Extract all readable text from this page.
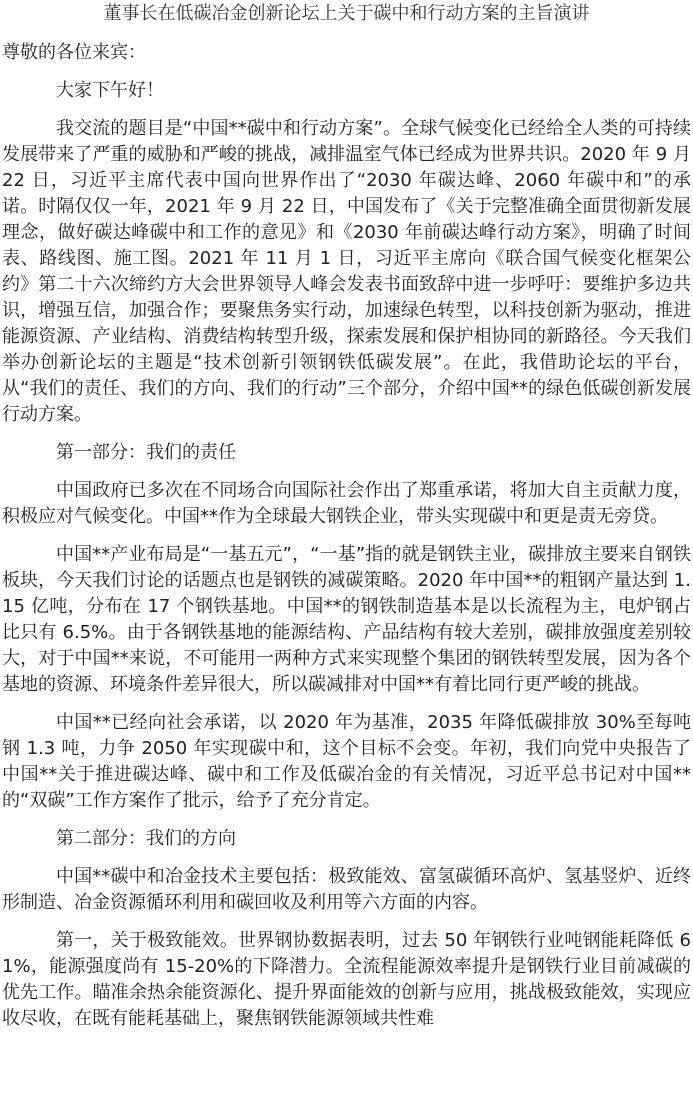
董事长在低碳冶金创新论坛上关于碳中和行动方案的主旨演讲

尊敬的各位来宾：

大家下午好！

我交流的题目是“中国**碳中和行动方案”。全球气候变化已经给全人类的可持续发展带来了严重的威胁和严峻的挑战，减排温室气体已经成为世界共识。2020 年 9 月 22 日，习近平主席代表中国向世界作出了“2030 年碳达峰、2060 年碳中和”的承诺。时隔仅仅一年，2021 年 9 月 22 日，中国发布了《关于完整准确全面贯彻新发展理念，做好碳达峰碳中和工作的意见》和《2030 年前碳达峰行动方案》，明确了时间表、路线图、施工图。2021 年 11 月 1 日，习近平主席向《联合国气候变化框架公约》第二十六次缔约方大会世界领导人峰会发表书面致辞中进一步呼吁：要维护多边共识，增强互信，加强合作；要聚焦务实行动，加速绿色转型，以科技创新为驱动，推进能源资源、产业结构、消费结构转型升级，探索发展和保护相协同的新路径。今天我们举办创新论坛的主题是“技术创新引领钢铁低碳发展”。在此，我借助论坛的平台，从“我们的责任、我们的方向、我们的行动”三个部分，介绍中国**的绿色低碳创新发展行动方案。

第一部分：我们的责任

中国政府已多次在不同场合向国际社会作出了郑重承诺，将加大自主贡献力度，积极应对气候变化。中国**作为全球最大钢铁企业，带头实现碳中和更是责无旁贷。

中国**产业布局是“一基五元”，“一基”指的就是钢铁主业，碳排放主要来自钢铁板块，今天我们讨论的话题点也是钢铁的减碳策略。2020 年中国**的粗钢产量达到 1.15 亿吨，分布在 17 个钢铁基地。中国**的钢铁制造基本是以长流程为主，电炉钢占比只有 6.5%。由于各钢铁基地的能源结构、产品结构有较大差别，碳排放强度差别较大，对于中国**来说，不可能用一两种方式来实现整个集团的钢铁转型发展，因为各个基地的资源、环境条件差异很大，所以碳减排对中国**有着比同行更严峻的挑战。

中国**已经向社会承诺，以 2020 年为基准，2035 年降低碳排放 30%至每吨钢 1.3 吨，力争 2050 年实现碳中和，这个目标不会变。年初，我们向党中央报告了中国**关于推进碳达峰、碳中和工作及低碳冶金的有关情况，习近平总书记对中国**的“双碳”工作方案作了批示，给予了充分肯定。

第二部分：我们的方向

中国**碳中和冶金技术主要包括：极致能效、富氢碳循环高炉、氢基竖炉、近终形制造、冶金资源循环利用和碳回收及利用等六方面的内容。

第一，关于极致能效。世界钢协数据表明，过去 50 年钢铁行业吨钢能耗降低 61%，能源强度尚有 15-20%的下降潜力。全流程能源效率提升是钢铁行业目前减碳的优先工作。瞄准余热余能资源化、提升界面能效的创新与应用，挑战极致能效，实现应收尽收，在既有能耗基础上，聚焦钢铁能源领域共性难
